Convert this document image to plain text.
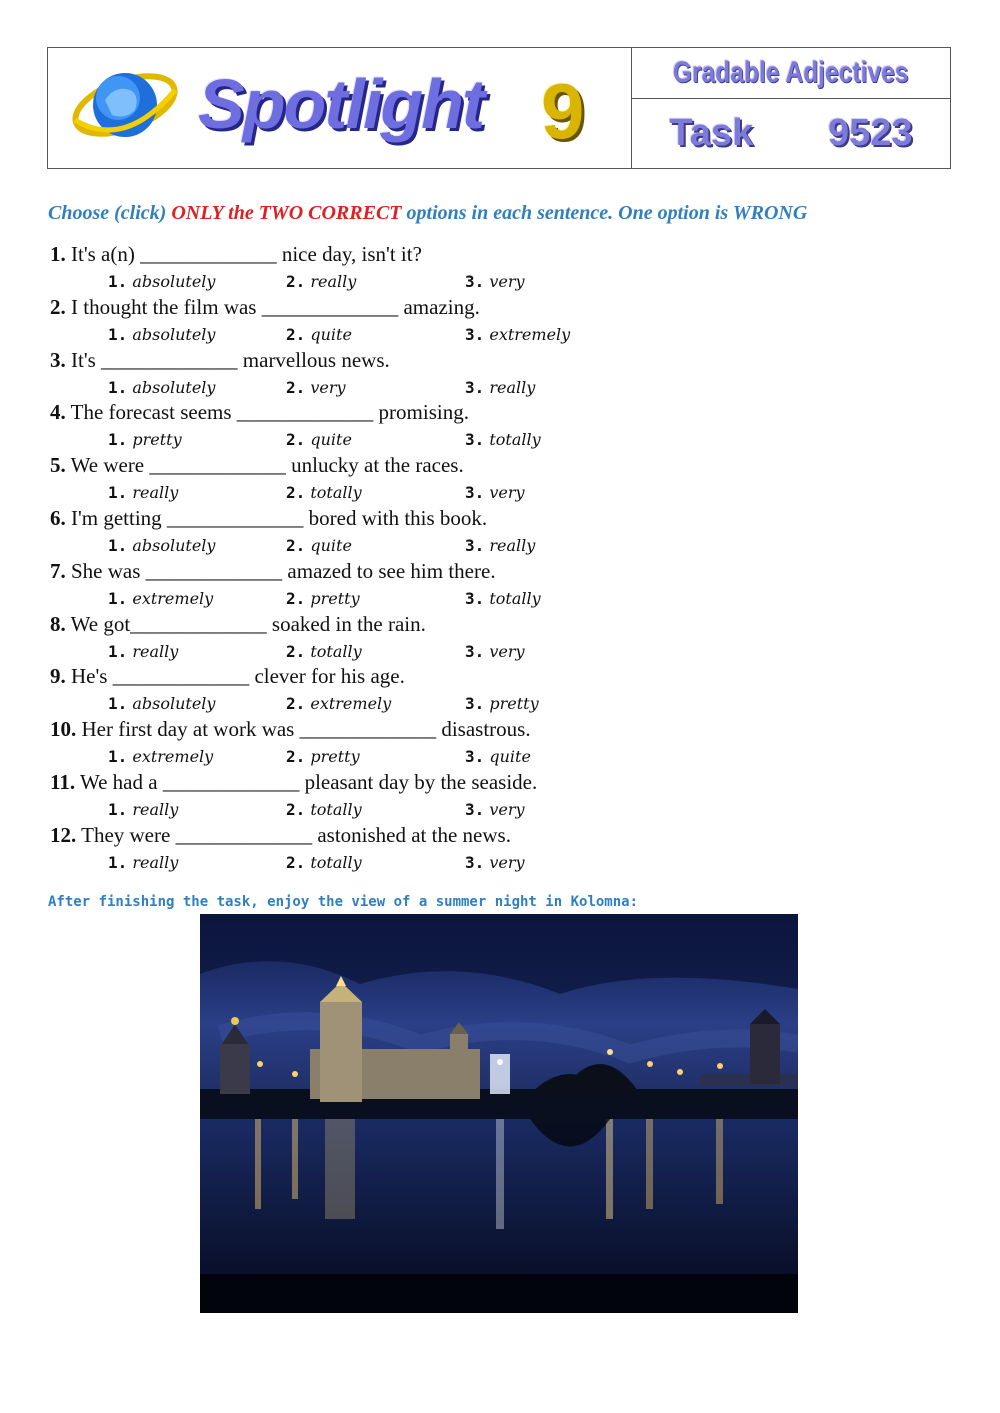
Spotlight 9	Gradable Adjectives
Task 9523
Choose (click) ONLY the TWO CORRECT options in each sentence. One option is WRONG
1. It's a(n) _____________ nice day, isn't it?
1. absolutely	2. really	3. very
2. I thought the film was _____________ amazing.
1. absolutely	2. quite	3. extremely
3. It's _____________ marvellous news.
1. absolutely	2. very	3. really
4. The forecast seems _____________ promising.
1. pretty	2. quite	3. totally
5. We were _____________ unlucky at the races.
1. really	2. totally	3. very
6. I'm getting _____________ bored with this book.
1. absolutely	2. quite	3. really
7. She was _____________ amazed to see him there.
1. extremely	2. pretty	3. totally
8. We got_____________ soaked in the rain.
1. really	2. totally	3. very
9. He's _____________ clever for his age.
1. absolutely	2. extremely	3. pretty
10. Her first day at work was _____________ disastrous.
1. extremely	2. pretty	3. quite
11. We had a _____________ pleasant day by the seaside.
1. really	2. totally	3. very
12. They were _____________ astonished at the news.
1. really	2. totally	3. very
After finishing the task, enjoy the view of a summer night in Kolomna:
